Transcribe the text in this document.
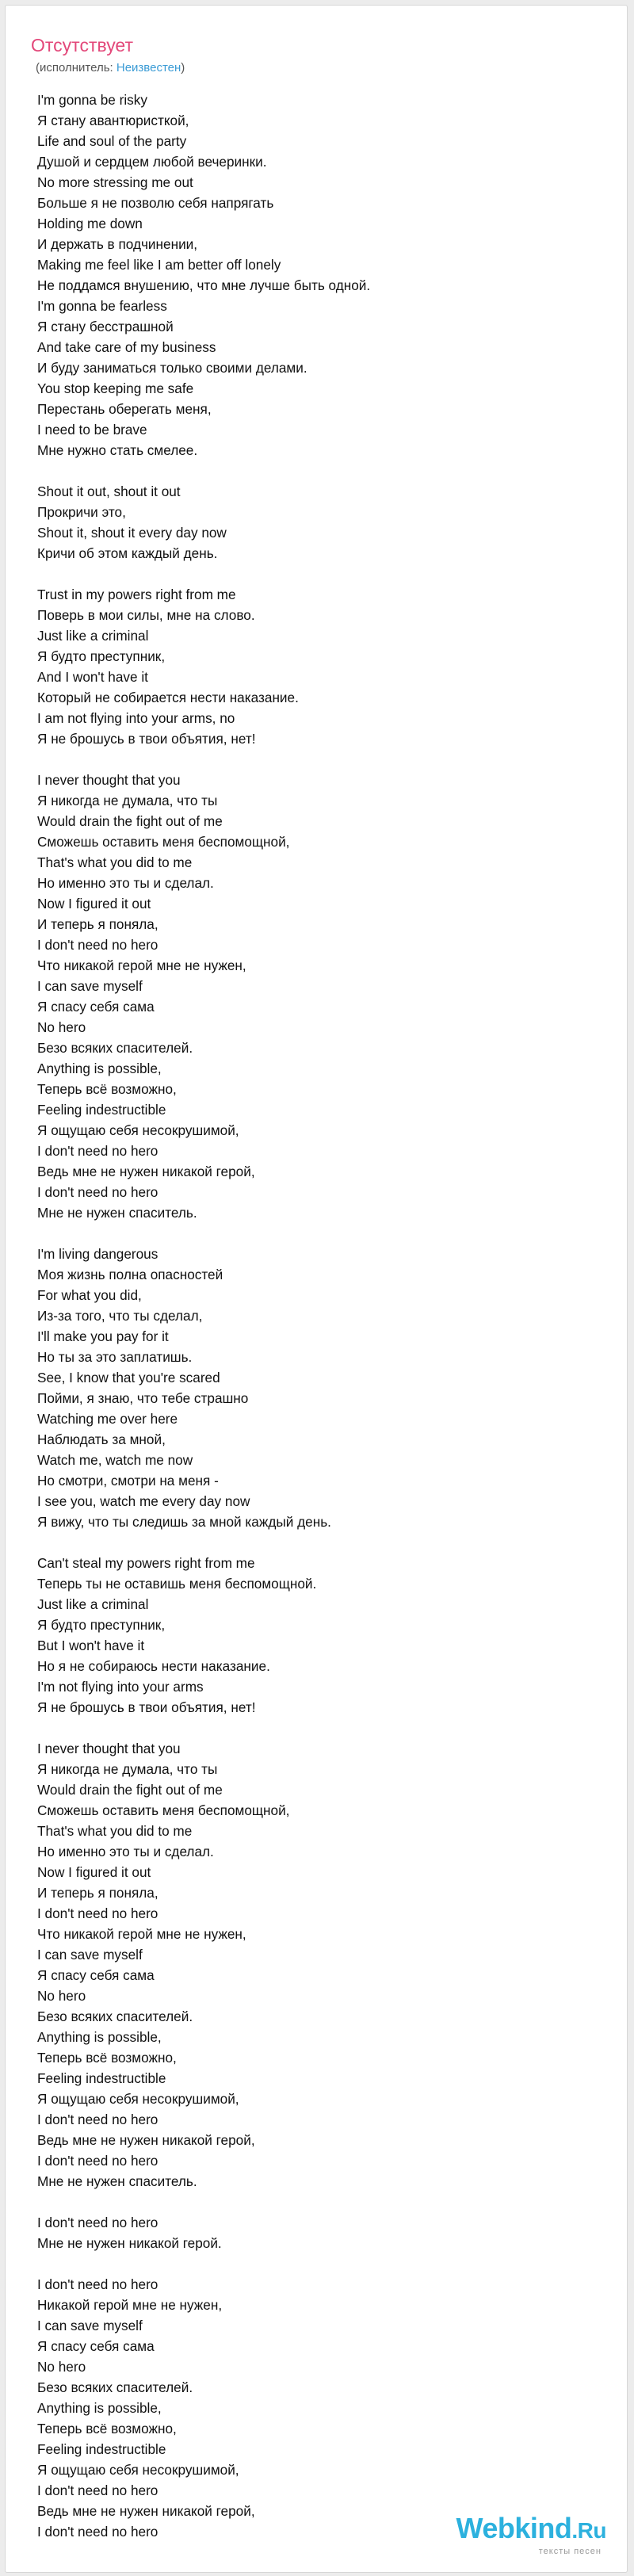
Отсутствует
(исполнитель: Неизвестен)
I'm gonna be risky
Я стану авантюристкой,
Life and soul of the party
Душой и сердцем любой вечеринки.
No more stressing me out
Больше я не позволю себя напрягать
Holding me down
И держать в подчинении,
Making me feel like I am better off lonely
Не поддамся внушению, что мне лучше быть одной.
I'm gonna be fearless
Я стану бесстрашной
And take care of my business
И буду заниматься только своими делами.
You stop keeping me safe
Перестань оберегать меня,
I need to be brave
Мне нужно стать смелее.
Shout it out, shout it out
Прокричи это,
Shout it, shout it every day now
Кричи об этом каждый день.
Trust in my powers right from me
Поверь в мои силы, мне на слово.
Just like a criminal
Я будто преступник,
And I won't have it
Который не собирается нести наказание.
I am not flying into your arms, no
Я не брошусь в твои объятия, нет!
I never thought that you
Я никогда не думала, что ты
Would drain the fight out of me
Сможешь оставить меня беспомощной,
That's what you did to me
Но именно это ты и сделал.
Now I figured it out
И теперь я поняла,
I don't need no hero
Что никакой герой мне не нужен,
I can save myself
Я спасу себя сама
No hero
Безо всяких спасителей.
Anything is possible,
Теперь всё возможно,
Feeling indestructible
Я ощущаю себя несокрушимой,
I don't need no hero
Ведь мне не нужен никакой герой,
I don't need no hero
Мне не нужен спаситель.
I'm living dangerous
Моя жизнь полна опасностей
For what you did,
Из-за того, что ты сделал,
I'll make you pay for it
Но ты за это заплатишь.
See, I know that you're scared
Пойми, я знаю, что тебе страшно
Watching me over here
Наблюдать за мной,
Watch me, watch me now
Но смотри, смотри на меня -
I see you, watch me every day now
Я вижу, что ты следишь за мной каждый день.
Can't steal my powers right from me
Теперь ты не оставишь меня беспомощной.
Just like a criminal
Я будто преступник,
But I won't have it
Но я не собираюсь нести наказание.
I'm not flying into your arms
Я не брошусь в твои объятия, нет!
I never thought that you
Я никогда не думала, что ты
Would drain the fight out of me
Сможешь оставить меня беспомощной,
That's what you did to me
Но именно это ты и сделал.
Now I figured it out
И теперь я поняла,
I don't need no hero
Что никакой герой мне не нужен,
I can save myself
Я спасу себя сама
No hero
Безо всяких спасителей.
Anything is possible,
Теперь всё возможно,
Feeling indestructible
Я ощущаю себя несокрушимой,
I don't need no hero
Ведь мне не нужен никакой герой,
I don't need no hero
Мне не нужен спаситель.
I don't need no hero
Мне не нужен никакой герой.
I don't need no hero
Никакой герой мне не нужен,
I can save myself
Я спасу себя сама
No hero
Безо всяких спасителей.
Anything is possible,
Теперь всё возможно,
Feeling indestructible
Я ощущаю себя несокрушимой,
I don't need no hero
Ведь мне не нужен никакой герой,
I don't need no hero	Webkind.Ru
тексты песен
